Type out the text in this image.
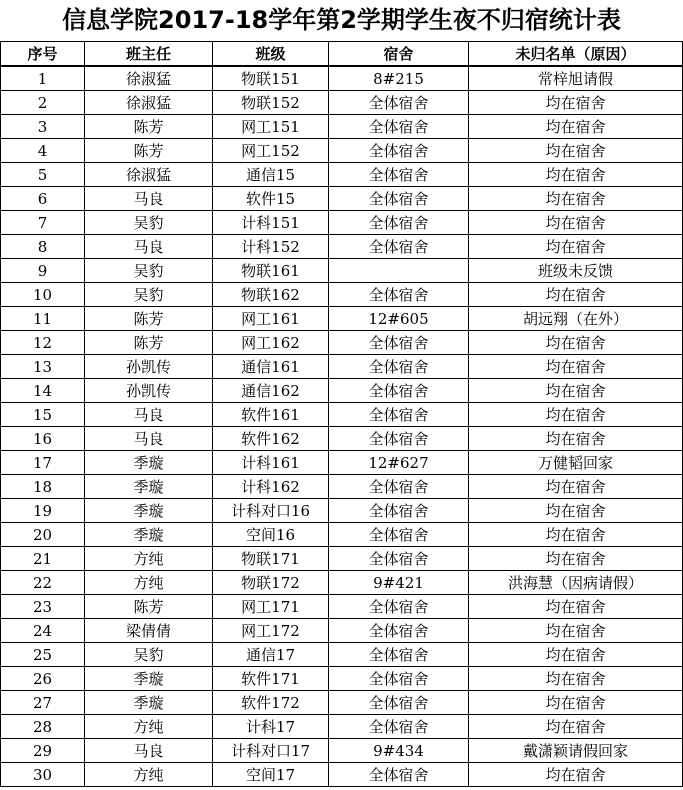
信息学院2017-18学年第2学期学生夜不归宿统计表
序号	班主任	班级	宿舍	未归名单（原因）
1	徐淑猛	物联151	8#215	常梓旭请假
2	徐淑猛	物联152	全体宿舍	均在宿舍
3	陈芳	网工151	全体宿舍	均在宿舍
4	陈芳	网工152	全体宿舍	均在宿舍
5	徐淑猛	通信15	全体宿舍	均在宿舍
6	马良	软件15	全体宿舍	均在宿舍
7	吴豹	计科151	全体宿舍	均在宿舍
8	马良	计科152	全体宿舍	均在宿舍
9	吴豹	物联161		班级未反馈
10	吴豹	物联162	全体宿舍	均在宿舍
11	陈芳	网工161	12#605	胡远翔（在外）
12	陈芳	网工162	全体宿舍	均在宿舍
13	孙凯传	通信161	全体宿舍	均在宿舍
14	孙凯传	通信162	全体宿舍	均在宿舍
15	马良	软件161	全体宿舍	均在宿舍
16	马良	软件162	全体宿舍	均在宿舍
17	季璇	计科161	12#627	万健韬回家
18	季璇	计科162	全体宿舍	均在宿舍
19	季璇	计科对口16	全体宿舍	均在宿舍
20	季璇	空间16	全体宿舍	均在宿舍
21	方纯	物联171	全体宿舍	均在宿舍
22	方纯	物联172	9#421	洪海慧（因病请假）
23	陈芳	网工171	全体宿舍	均在宿舍
24	梁倩倩	网工172	全体宿舍	均在宿舍
25	吴豹	通信17	全体宿舍	均在宿舍
26	季璇	软件171	全体宿舍	均在宿舍
27	季璇	软件172	全体宿舍	均在宿舍
28	方纯	计科17	全体宿舍	均在宿舍
29	马良	计科对口17	9#434	戴潇颖请假回家
30	方纯	空间17	全体宿舍	均在宿舍
